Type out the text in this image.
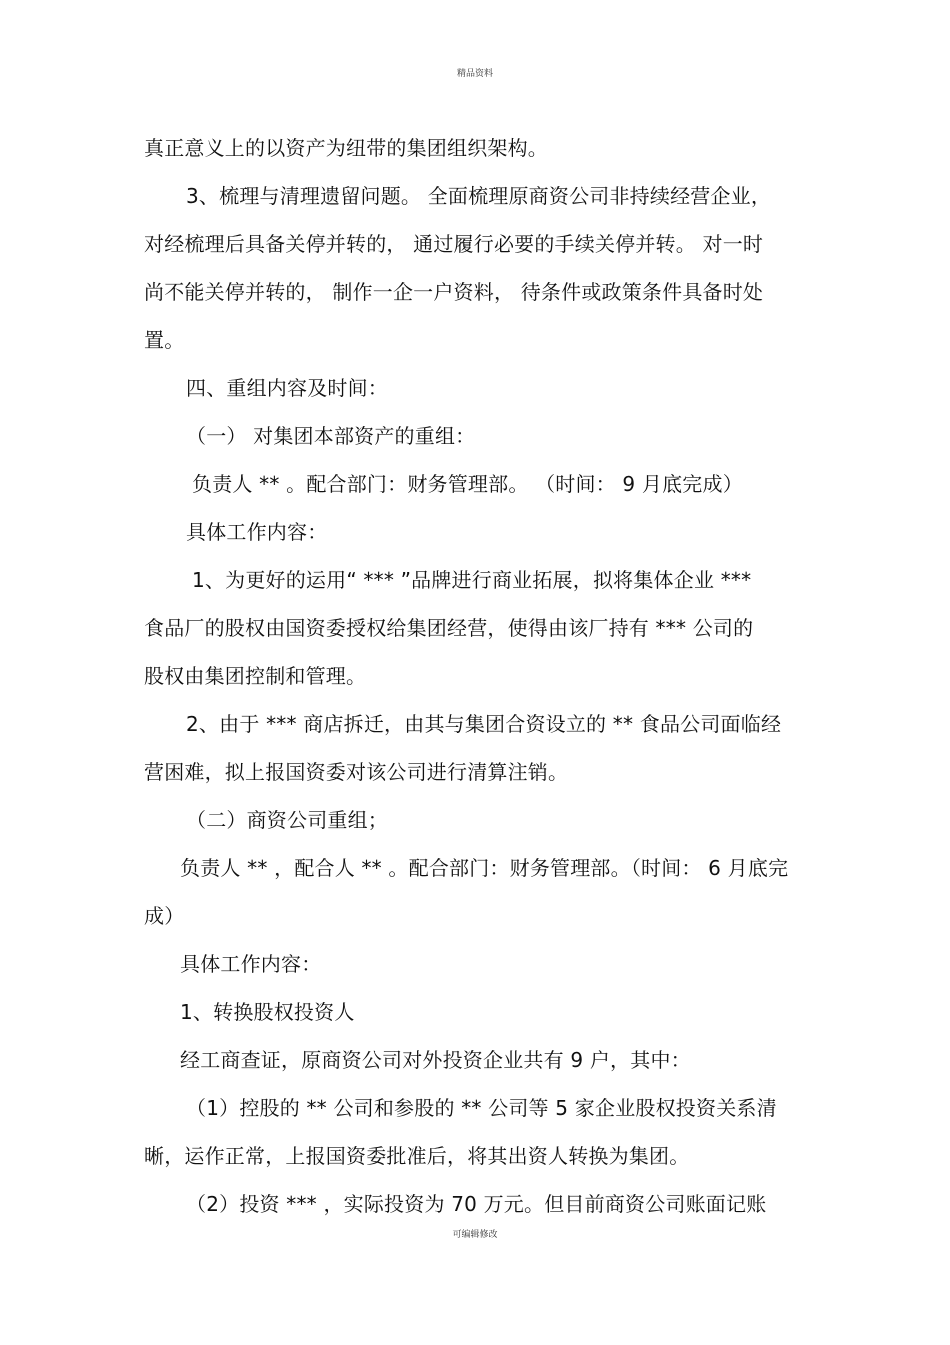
精品资料
真正意义上的以资产为纽带的集团组织架构。
3、梳理与清理遗留问题。 全面梳理原商资公司非持续经营企业，
对经梳理后具备关停并转的， 通过履行必要的手续关停并转。 对一时
尚不能关停并转的， 制作一企一户资料， 待条件或政策条件具备时处
置。
四、重组内容及时间：
（一） 对集团本部资产的重组：
负责人 ** 。配合部门：财务管理部。 （时间： 9 月底完成）
具体工作内容：
1、为更好的运用“ *** ”品牌进行商业拓展，拟将集体企业 ***
食品厂的股权由国资委授权给集团经营，使得由该厂持有 *** 公司的
股权由集团控制和管理。
2、由于 *** 商店拆迁，由其与集团合资设立的 ** 食品公司面临经
营困难，拟上报国资委对该公司进行清算注销。
（二）商资公司重组；
负责人 ** ，配合人 ** 。配合部门：财务管理部。（时间： 6 月底完
成）
具体工作内容：
1、转换股权投资人
经工商查证，原商资公司对外投资企业共有 9 户，其中：
（1）控股的 ** 公司和参股的 ** 公司等 5 家企业股权投资关系清
晰，运作正常，上报国资委批准后，将其出资人转换为集团。
（2）投资 *** ，实际投资为 70 万元。但目前商资公司账面记账
可编辑修改
